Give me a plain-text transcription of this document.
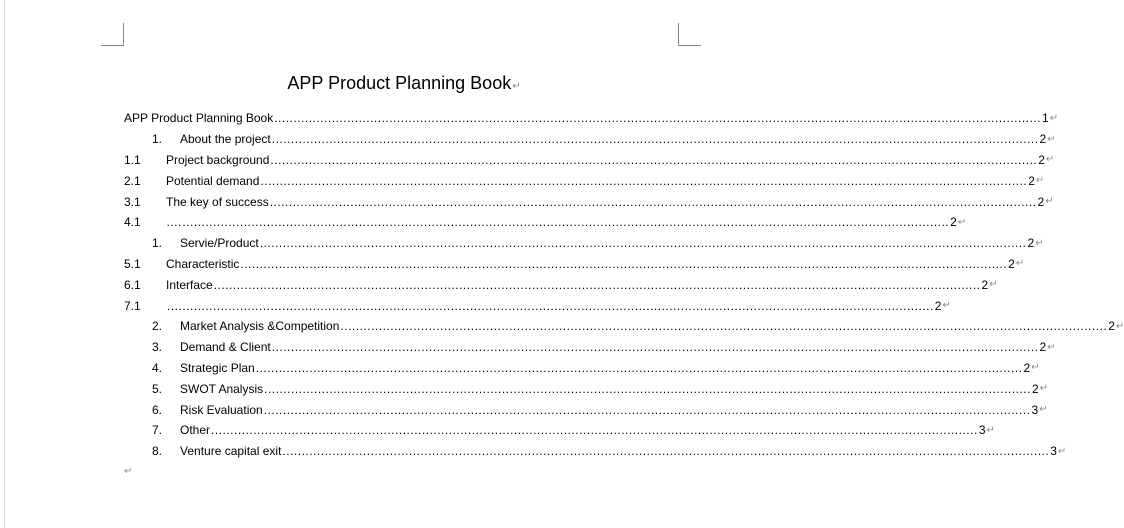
APP Product Planning Book↵
APP Product Planning Book ........................................................................................................................................................................................................ 1 ↵
1.	About the project ........................................................................................................................................................................................................ 2 ↵
1.1	Project background ........................................................................................................................................................................................................ 2 ↵
2.1	Potential demand ........................................................................................................................................................................................................ 2 ↵
3.1	The key of success ........................................................................................................................................................................................................ 2 ↵
4.1	…. ........................................................................................................................................................................................................ 2 ↵
1.	Servie/Product ........................................................................................................................................................................................................ 2 ↵
5.1	Characteristic ........................................................................................................................................................................................................ 2 ↵
6.1	Interface ........................................................................................................................................................................................................ 2 ↵
7.1	........................................................................................................................................................................................................ 2 ↵
2.	Market Analysis &Competition ........................................................................................................................................................................................................ 2 ↵
3.	Demand & Client ........................................................................................................................................................................................................ 2 ↵
4.	Strategic Plan ........................................................................................................................................................................................................ 2 ↵
5.	SWOT Analysis ........................................................................................................................................................................................................ 2 ↵
6.	Risk Evaluation ........................................................................................................................................................................................................ 3 ↵
7.	Other ........................................................................................................................................................................................................ 3 ↵
8.	Venture capital exit ........................................................................................................................................................................................................ 3 ↵
↵
